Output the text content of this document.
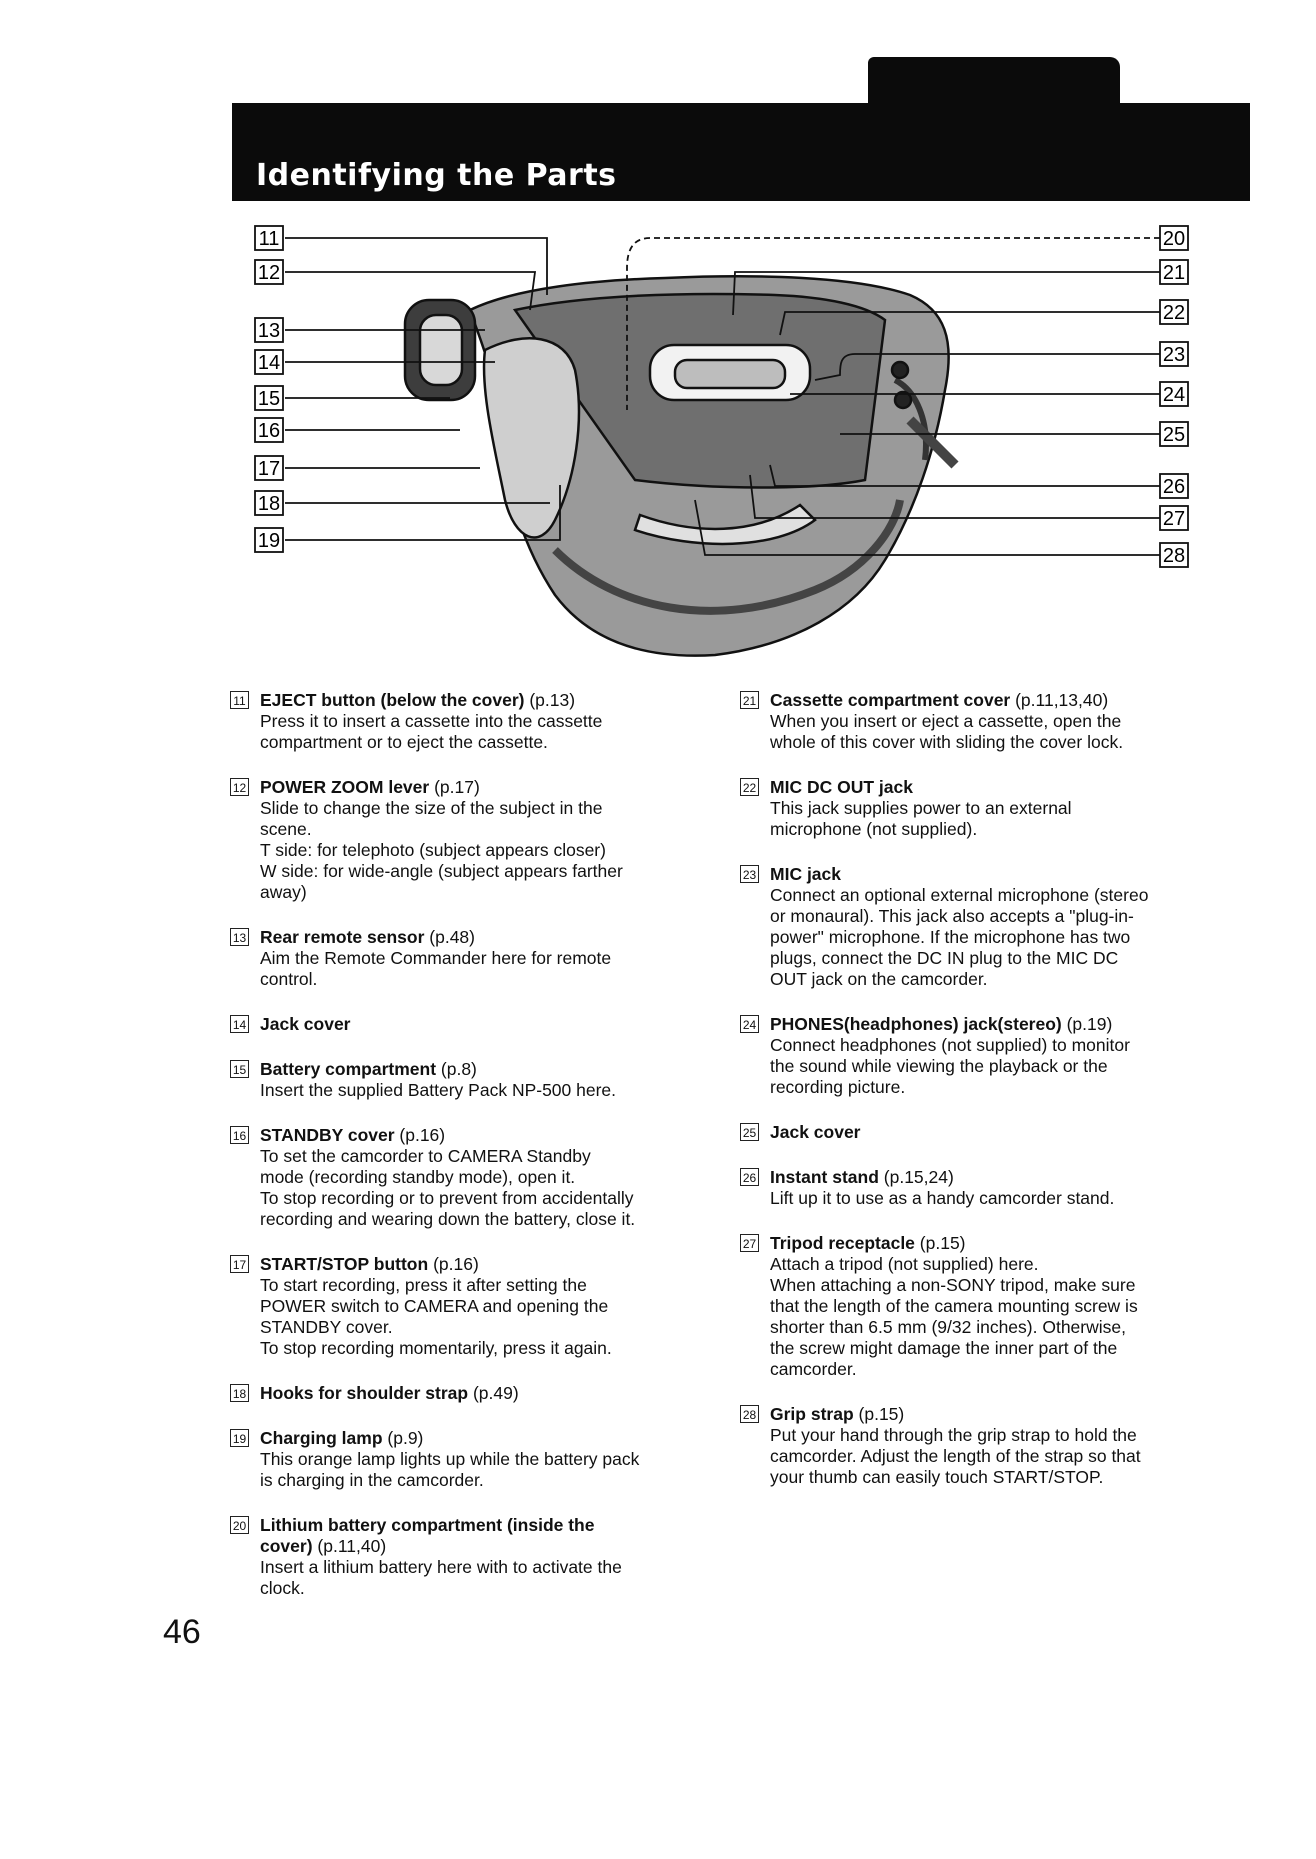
Identifying the Parts
11
12
13
14
15
16
17
18
19
20
21
22
23
24
25
26
27
28
11 EJECT button (below the cover) (p.13)
Press it to insert a cassette into the cassette
compartment or to eject the cassette.
12 POWER ZOOM lever (p.17)
Slide to change the size of the subject in the
scene.
T side: for telephoto (subject appears closer)
W side: for wide-angle (subject appears farther
away)
13 Rear remote sensor (p.48)
Aim the Remote Commander here for remote
control.
14 Jack cover
15 Battery compartment (p.8)
Insert the supplied Battery Pack NP-500 here.
16 STANDBY cover (p.16)
To set the camcorder to CAMERA Standby
mode (recording standby mode), open it.
To stop recording or to prevent from accidentally
recording and wearing down the battery, close it.
17 START/STOP button (p.16)
To start recording, press it after setting the
POWER switch to CAMERA and opening the
STANDBY cover.
To stop recording momentarily, press it again.
18 Hooks for shoulder strap (p.49)
19 Charging lamp (p.9)
This orange lamp lights up while the battery pack
is charging in the camcorder.
20 Lithium battery compartment (inside the
cover) (p.11,40)
Insert a lithium battery here with to activate the
clock.
21 Cassette compartment cover (p.11,13,40)
When you insert or eject a cassette, open the
whole of this cover with sliding the cover lock.
22 MIC DC OUT jack
This jack supplies power to an external
microphone (not supplied).
23 MIC jack
Connect an optional external microphone (stereo
or monaural). This jack also accepts a "plug-in-
power" microphone. If the microphone has two
plugs, connect the DC IN plug to the MIC DC
OUT jack on the camcorder.
24 PHONES(headphones) jack(stereo) (p.19)
Connect headphones (not supplied) to monitor
the sound while viewing the playback or the
recording picture.
25 Jack cover
26 Instant stand (p.15,24)
Lift up it to use as a handy camcorder stand.
27 Tripod receptacle (p.15)
Attach a tripod (not supplied) here.
When attaching a non-SONY tripod, make sure
that the length of the camera mounting screw is
shorter than 6.5 mm (9/32 inches). Otherwise,
the screw might damage the inner part of the
camcorder.
28 Grip strap (p.15)
Put your hand through the grip strap to hold the
camcorder. Adjust the length of the strap so that
your thumb can easily touch START/STOP.
46
